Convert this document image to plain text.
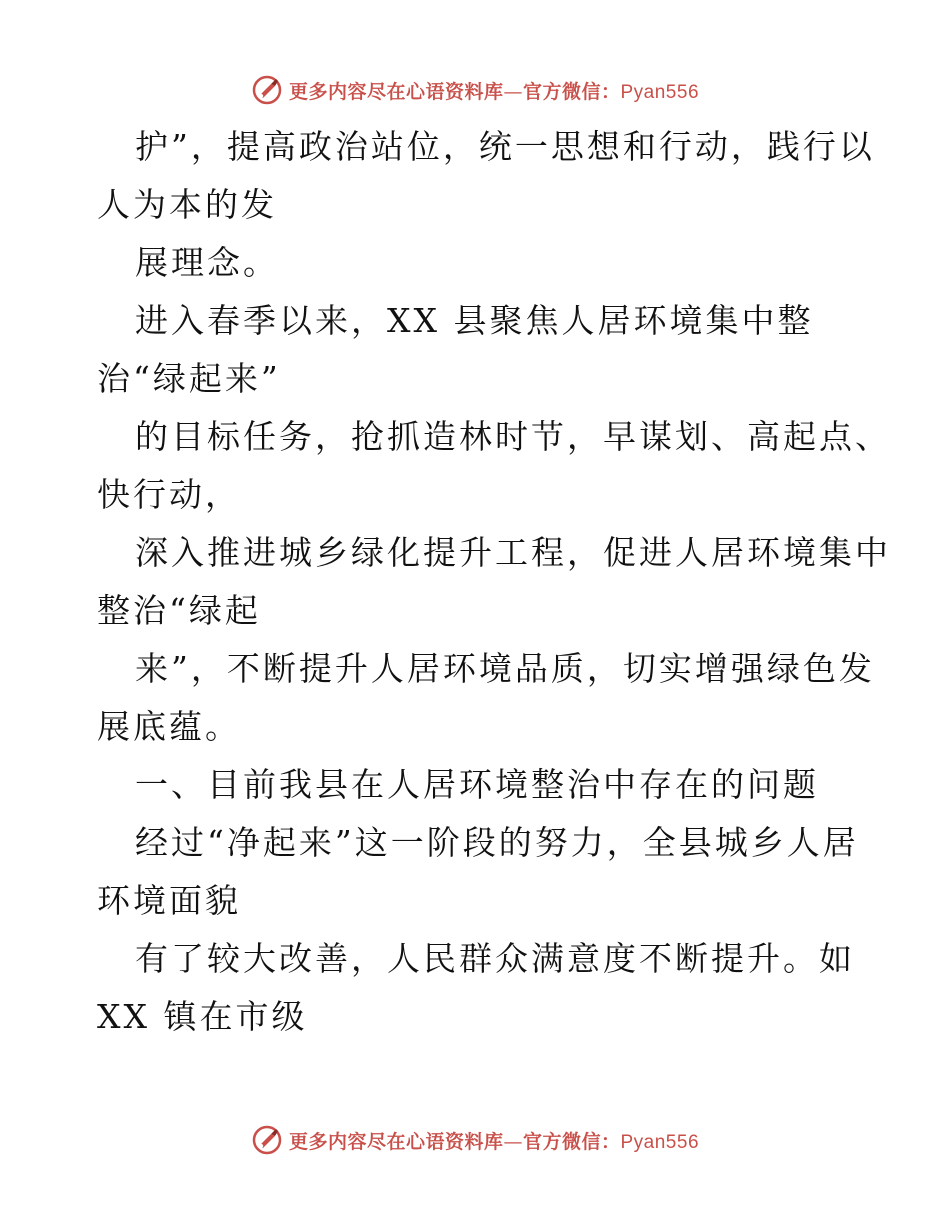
更多内容尽在心语资料库—官方微信：Pyan556
护”，提高政治站位，统一思想和行动，践行以
人为本的发
展理念。
进入春季以来，XX 县聚焦人居环境集中整
治“绿起来”
的目标任务，抢抓造林时节，早谋划、高起点、
快行动，
深入推进城乡绿化提升工程，促进人居环境集中
整治“绿起
来”，不断提升人居环境品质，切实增强绿色发
展底蕴。
一、目前我县在人居环境整治中存在的问题
经过“净起来”这一阶段的努力，全县城乡人居
环境面貌
有了较大改善，人民群众满意度不断提升。如
XX 镇在市级
更多内容尽在心语资料库—官方微信：Pyan556
